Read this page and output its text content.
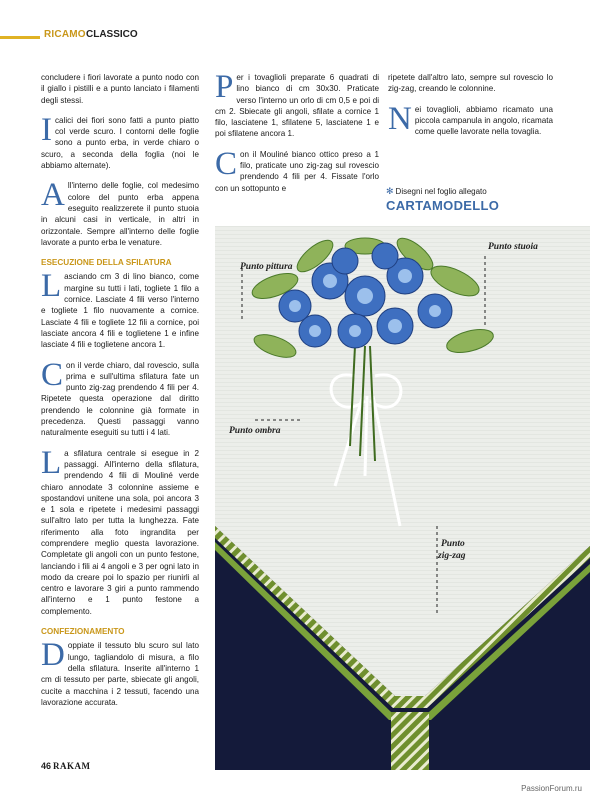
RICAMO CLASSICO

concludere i fiori lavorate a punto nodo con il giallo i pistilli e a punto lanciato i filamenti degli stessi.

Icalici dei fiori sono fatti a punto piatto col verde scuro. I contorni delle foglie sono a punto erba, in verde chiaro o scuro, a seconda della foglia (noi le abbiamo alternate).

All'interno delle foglie, col medesimo colore del punto erba appena eseguito realizzerete il punto stuoia in alcuni casi in verticale, in altri in orizzontale. Sempre all'interno delle foglie lavorate a punto erba le venature.

ESECUZIONE DELLA SFILATURA

Lasciando cm 3 di lino bianco, come margine su tutti i lati, togliete 1 filo a cornice. Lasciate 4 fili verso l'interno e togliete 1 filo nuovamente a cornice. Lasciate 4 fili e togliete 12 fili a cornice, poi lasciate ancora 4 fili e toglietene 1 e infine lasciate 4 fili e toglietene ancora 1.

Con il verde chiaro, dal rovescio, sulla prima e sull'ultima sfilatura fate un punto zig-zag prendendo 4 fili per 4. Ripetete questa operazione dal diritto prendendo le colonnine già formate in precedenza. Questi passaggi vanno naturalmente eseguiti su tutti i 4 lati.

La sfilatura centrale si esegue in 2 passaggi. All'interno della sfilatura, prendendo 4 fili di Mouliné verde chiaro annodate 3 colonnine assieme e spostandovi unitene una sola, poi ancora 3 e 1 sola e ripetete i medesimi passaggi sull'altro lato per tutta la lunghezza. Fate riferimento alla foto ingrandita per comprendere meglio questa lavorazione. Completate gli angoli con un punto festone, lanciando i fili ai 4 angoli e 3 per ogni lato in modo da creare poi lo spazio per riunirli al centro e lavorare 3 giri a punto rammendo all'interno e 1 punto festone a complemento.

CONFEZIONAMENTO

Doppiate il tessuto blu scuro sul lato lungo, tagliandolo di misura, a filo della sfilatura. Inserite all'interno 1 cm di tessuto per parte, sbiecate gli angoli, cucite a macchina i 2 tessuti, facendo una lavorazione accurata.

Per i tovaglioli preparate 6 quadrati di lino bianco di cm 30x30. Praticate verso l'interno un orlo di cm 0,5 e poi di cm 2. Sbiecate gli angoli, sfilate a cornice 1 filo, lasciatene 1, sfilatene 5, lasciatene 1 e poi sfilatene ancora 1.

Con il Mouliné bianco ottico preso a 1 filo, praticate uno zig-zag sul rovescio prendendo 4 fili per 4. Fissate l'orlo con un sottopunto e

ripetete dall'altro lato, sempre sul rovescio lo zig-zag, creando le colonnine.

Nei tovaglioli, abbiamo ricamato una piccola campanula in angolo, ricamata come quelle lavorate nella tovaglia.

✻ Disegni nel foglio allegato
CARTAMODELLO
Punto pittura
Punto stuoia
Punto ombra
Punto
zig-zag
46 RAKAM
PassionForum.ru
